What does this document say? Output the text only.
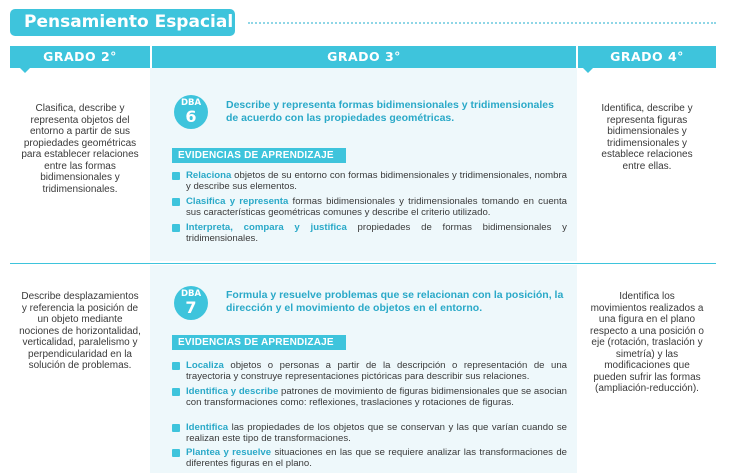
Pensamiento Espacial
GRADO 2°	GRADO 3°	GRADO 4°
Clasifica, describe y representa objetos del entorno a partir de sus propiedades geométricas para establecer relaciones entre las formas bidimensionales y tridimensionales.
DBA
6
Describe y representa formas bidimensionales y tridimensionales de acuerdo con las propiedades geométricas.
EVIDENCIAS DE APRENDIZAJE
Relaciona objetos de su entorno con formas bidimensionales y tridimensionales, nombra y describe sus elementos.
Clasifica y representa formas bidimensionales y tridimensionales tomando en cuenta sus características geométricas comunes y describe el criterio utilizado.
Interpreta, compara y justifica propiedades de formas bidimensionales y tridimensionales.
Identifica, describe y representa figuras bidimensionales y tridimensionales y establece relaciones entre ellas.
Describe desplazamientos y referencia la posición de un objeto mediante nociones de horizontalidad, verticalidad, paralelismo y perpendicularidad en la solución de problemas.
DBA
7
Formula y resuelve problemas que se relacionan con la posición, la dirección y el movimiento de objetos en el entorno.
EVIDENCIAS DE APRENDIZAJE
Localiza objetos o personas a partir de la descripción o representación de una trayectoria y construye representaciones pictóricas para describir sus relaciones.
Identifica y describe patrones de movimiento de figuras bidimensionales que se asocian con transformaciones como: reflexiones, traslaciones y rotaciones de figuras.
Identifica las propiedades de los objetos que se conservan y las que varían cuando se realizan este tipo de transformaciones.
Plantea y resuelve situaciones en las que se requiere analizar las transformaciones de diferentes figuras en el plano.
Identifica los movimientos realizados a una figura en el plano respecto a una posición o eje (rotación, traslación y simetría) y las modificaciones que pueden sufrir las formas (ampliación-reducción).
